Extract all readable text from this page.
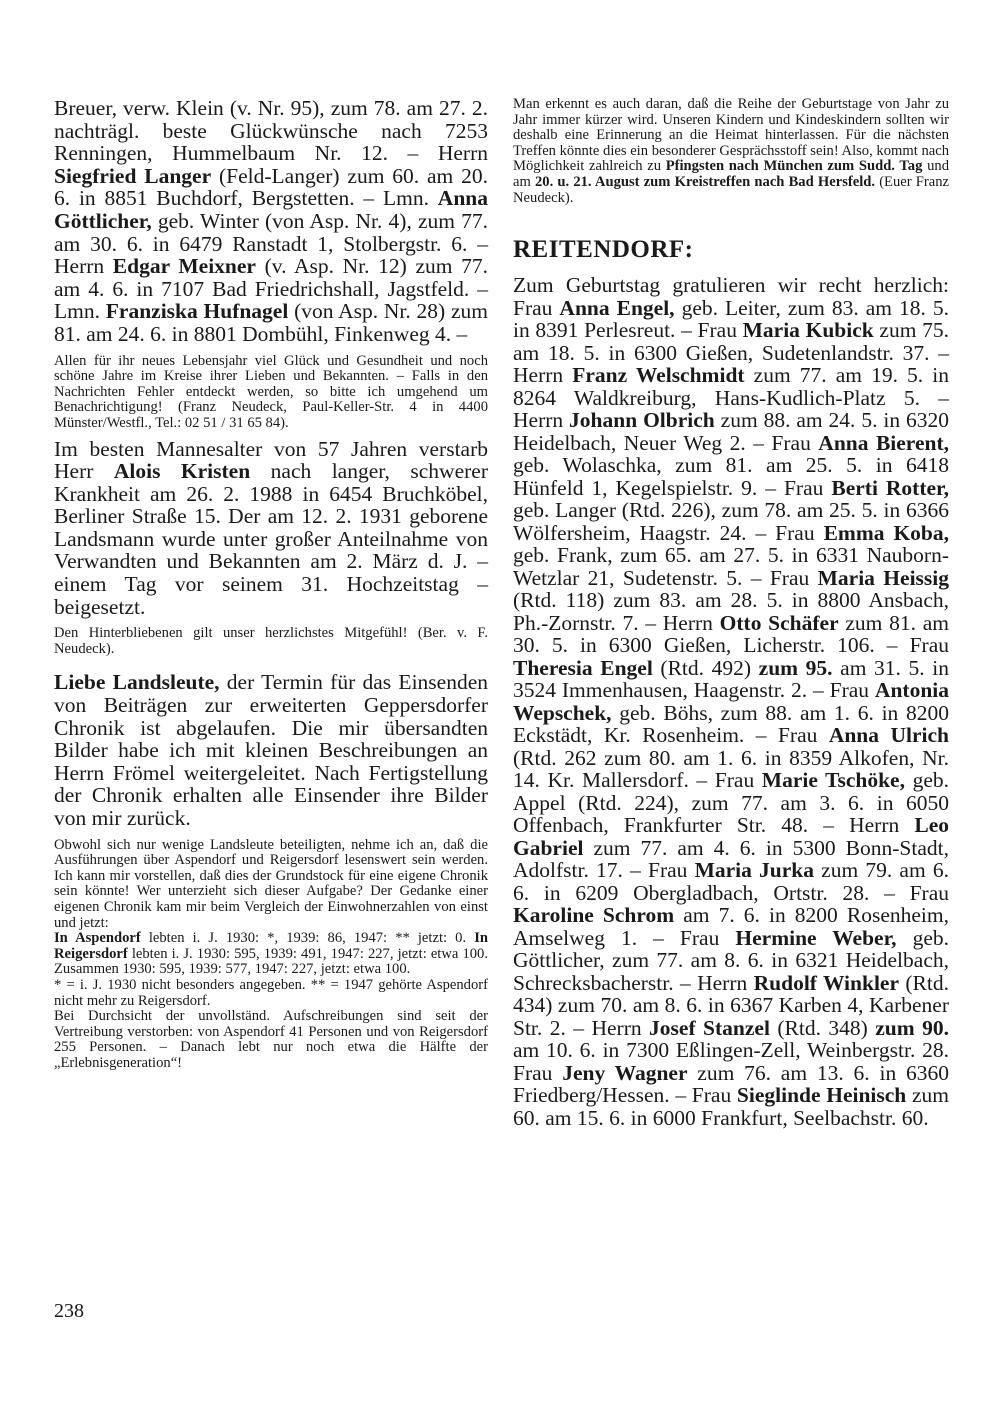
Breuer, verw. Klein (v. Nr. 95), zum 78. am 27. 2. nachträgl. beste Glückwünsche nach 7253 Renningen, Hummelbaum Nr. 12. – Herrn Siegfried Langer (Feld-Langer) zum 60. am 20. 6. in 8851 Buchdorf, Bergstetten. – Lmn. Anna Göttlicher, geb. Winter (von Asp. Nr. 4), zum 77. am 30. 6. in 6479 Ranstadt 1, Stolbergstr. 6. – Herrn Edgar Meixner (v. Asp. Nr. 12) zum 77. am 4. 6. in 7107 Bad Friedrichshall, Jagstfeld. – Lmn. Franziska Hufnagel (von Asp. Nr. 28) zum 81. am 24. 6. in 8801 Dombühl, Finkenweg 4. –

Allen für ihr neues Lebensjahr viel Glück und Gesundheit und noch schöne Jahre im Kreise ihrer Lieben und Bekannten. – Falls in den Nachrichten Fehler entdeckt werden, so bitte ich umgehend um Benachrichtigung! (Franz Neudeck, Paul-Keller-Str. 4 in 4400 Münster/Westfl., Tel.: 02 51 / 31 65 84).

Im besten Mannesalter von 57 Jahren verstarb Herr Alois Kristen nach langer, schwerer Krankheit am 26. 2. 1988 in 6454 Bruchköbel, Berliner Straße 15. Der am 12. 2. 1931 geborene Landsmann wurde unter großer Anteilnahme von Verwandten und Bekannten am 2. März d. J. – einem Tag vor seinem 31. Hochzeitstag – beigesetzt.

Den Hinterbliebenen gilt unser herzlichstes Mitgefühl! (Ber. v. F. Neudeck).

Liebe Landsleute, der Termin für das Einsenden von Beiträgen zur erweiterten Geppersdorfer Chronik ist abgelaufen. Die mir übersandten Bilder habe ich mit kleinen Beschreibungen an Herrn Frömel weitergeleitet. Nach Fertigstellung der Chronik erhalten alle Einsender ihre Bilder von mir zurück.

Obwohl sich nur wenige Landsleute beteiligten, nehme ich an, daß die Ausführungen über Aspendorf und Reigersdorf lesenswert sein werden. Ich kann mir vorstellen, daß dies der Grundstock für eine eigene Chronik sein könnte! Wer unterzieht sich dieser Aufgabe? Der Gedanke einer eigenen Chronik kam mir beim Vergleich der Einwohnerzahlen von einst und jetzt:

In Aspendorf lebten i. J. 1930: *, 1939: 86, 1947: ** jetzt: 0. In Reigersdorf lebten i. J. 1930: 595, 1939: 491, 1947: 227, jetzt: etwa 100. Zusammen 1930: 595, 1939: 577, 1947: 227, jetzt: etwa 100.

* = i. J. 1930 nicht besonders angegeben. ** = 1947 gehörte Aspendorf nicht mehr zu Reigersdorf.

Bei Durchsicht der unvollständ. Aufschreibungen sind seit der Vertreibung verstorben: von Aspendorf 41 Personen und von Reigersdorf 255 Personen. – Danach lebt nur noch etwa die Hälfte der „Erlebnisgeneration“!

Man erkennt es auch daran, daß die Reihe der Geburtstage von Jahr zu Jahr immer kürzer wird. Unseren Kindern und Kindeskindern sollten wir deshalb eine Erinnerung an die Heimat hinterlassen. Für die nächsten Treffen könnte dies ein besonderer Gesprächsstoff sein! Also, kommt nach Möglichkeit zahlreich zu Pfingsten nach München zum Sudd. Tag und am 20. u. 21. August zum Kreistreffen nach Bad Hersfeld. (Euer Franz Neudeck).

REITENDORF:

Zum Geburtstag gratulieren wir recht herzlich: Frau Anna Engel, geb. Leiter, zum 83. am 18. 5. in 8391 Perlesreut. – Frau Maria Kubick zum 75. am 18. 5. in 6300 Gießen, Sudetenlandstr. 37. – Herrn Franz Welschmidt zum 77. am 19. 5. in 8264 Waldkreiburg, Hans-Kudlich-Platz 5. – Herrn Johann Olbrich zum 88. am 24. 5. in 6320 Heidelbach, Neuer Weg 2. – Frau Anna Bierent, geb. Wolaschka, zum 81. am 25. 5. in 6418 Hünfeld 1, Kegelspielstr. 9. – Frau Berti Rotter, geb. Langer (Rtd. 226), zum 78. am 25. 5. in 6366 Wölfersheim, Haagstr. 24. – Frau Emma Koba, geb. Frank, zum 65. am 27. 5. in 6331 Nauborn-Wetzlar 21, Sudetenstr. 5. – Frau Maria Heissig (Rtd. 118) zum 83. am 28. 5. in 8800 Ansbach, Ph.-Zornstr. 7. – Herrn Otto Schäfer zum 81. am 30. 5. in 6300 Gießen, Licherstr. 106. – Frau Theresia Engel (Rtd. 492) zum 95. am 31. 5. in 3524 Immenhausen, Haagenstr. 2. – Frau Antonia Wepschek, geb. Böhs, zum 88. am 1. 6. in 8200 Eckstädt, Kr. Rosenheim. – Frau Anna Ulrich (Rtd. 262 zum 80. am 1. 6. in 8359 Alkofen, Nr. 14. Kr. Mallersdorf. – Frau Marie Tschöke, geb. Appel (Rtd. 224), zum 77. am 3. 6. in 6050 Offenbach, Frankfurter Str. 48. – Herrn Leo Gabriel zum 77. am 4. 6. in 5300 Bonn-Stadt, Adolfstr. 17. – Frau Maria Jurka zum 79. am 6. 6. in 6209 Obergladbach, Ortstr. 28. – Frau Karoline Schrom am 7. 6. in 8200 Rosenheim, Amselweg 1. – Frau Hermine Weber, geb. Göttlicher, zum 77. am 8. 6. in 6321 Heidelbach, Schrecksbacherstr. – Herrn Rudolf Winkler (Rtd. 434) zum 70. am 8. 6. in 6367 Karben 4, Karbener Str. 2. – Herrn Josef Stanzel (Rtd. 348) zum 90. am 10. 6. in 7300 Eßlingen-Zell, Weinbergstr. 28. Frau Jeny Wagner zum 76. am 13. 6. in 6360 Friedberg/Hessen. – Frau Sieglinde Heinisch zum 60. am 15. 6. in 6000 Frankfurt, Seelbachstr. 60.

238
